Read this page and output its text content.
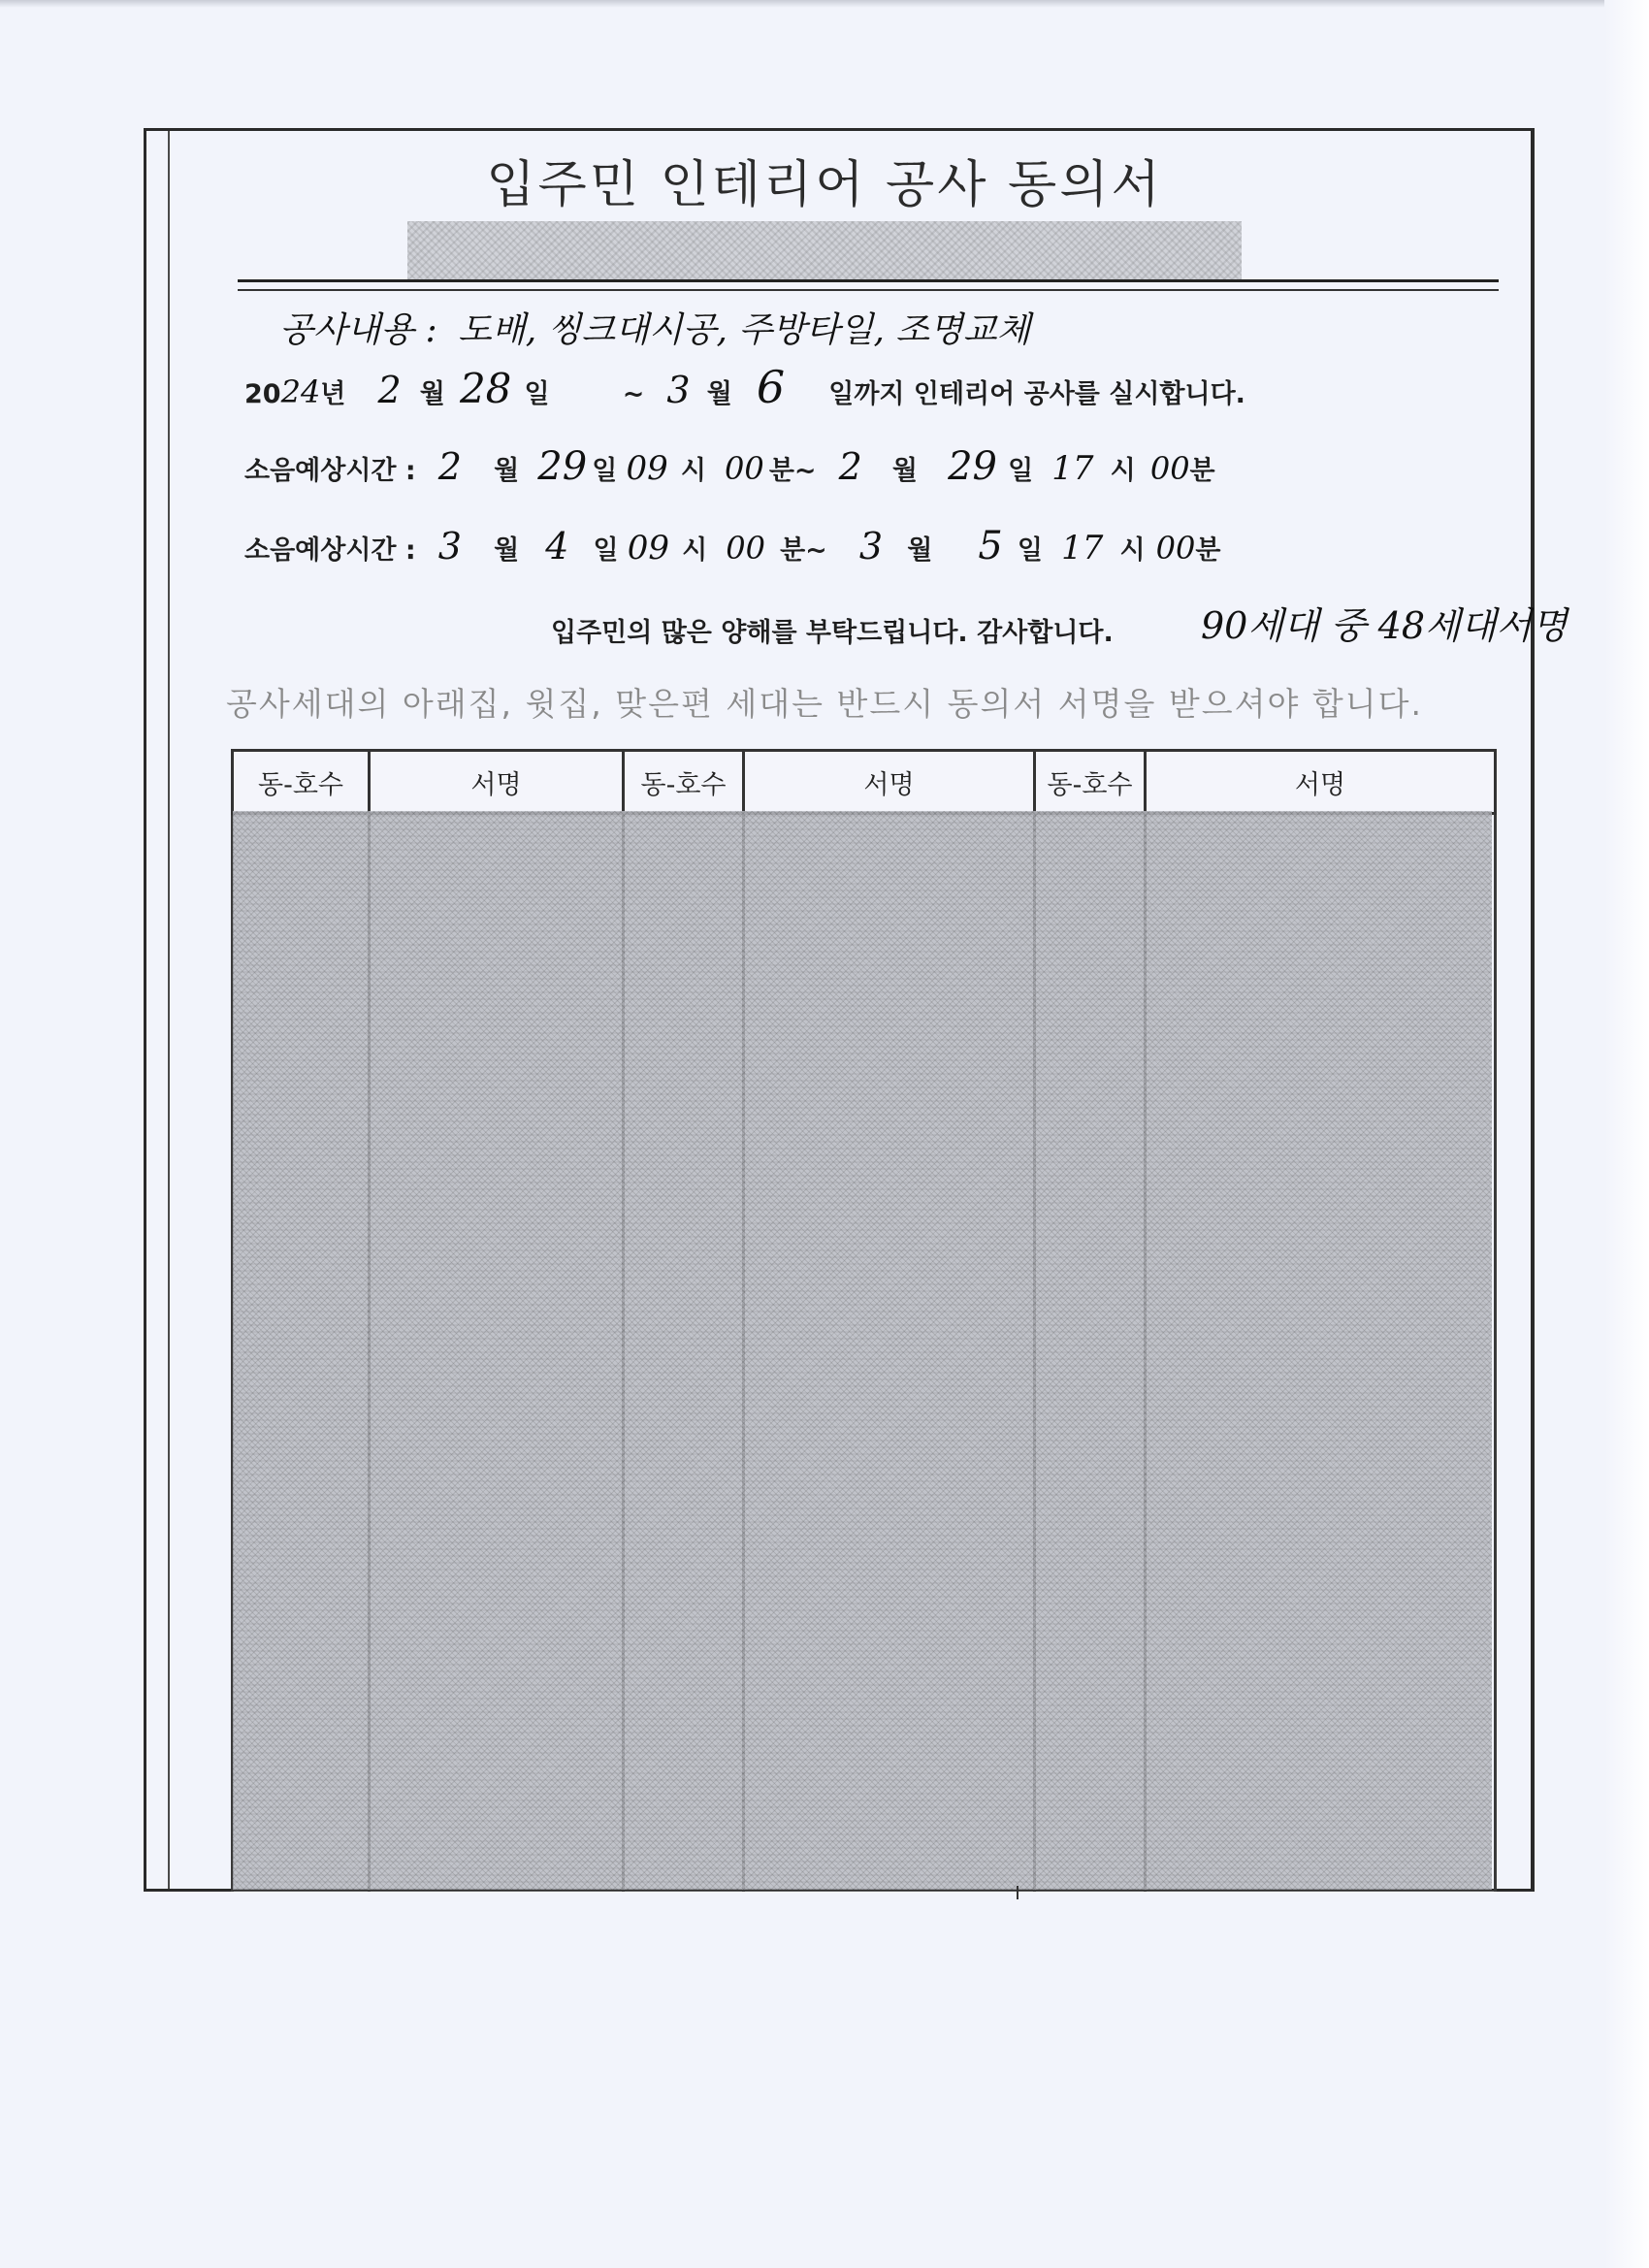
입주민 인테리어 공사 동의서
공사내용 : 도배, 씽크대시공, 주방타일, 조명교체
2024년 2 월 28 일	~ 3 월 6 일까지 인테리어 공사를 실시합니다.
소음예상시간 : 2 월 29 일 09 시 00 분~ 2 월 29 일 17 시 00분
소음예상시간 : 3 월 4 일 09 시 00 분~ 3 월 5 일 17 시 00분
입주민의 많은 양해를 부탁드립니다. 감사합니다. 90세대 중 48세대서명
공사세대의 아래집, 윗집, 맞은편 세대는 반드시 동의서 서명을 받으셔야 합니다.
동-호수	서명	동-호수	서명	동-호수	서명
